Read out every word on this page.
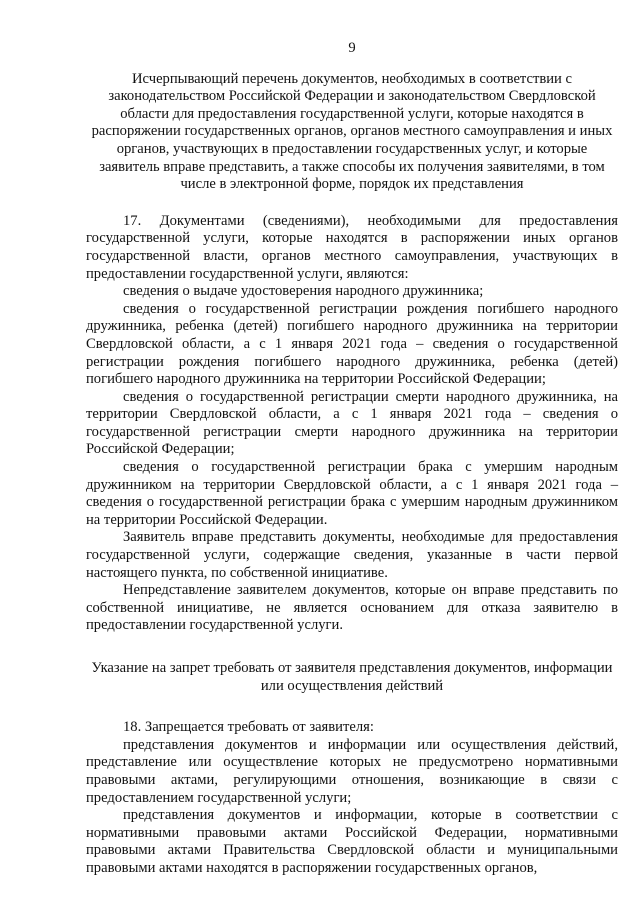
9
Исчерпывающий перечень документов, необходимых в соответствии с законодательством Российской Федерации и законодательством Свердловской области для предоставления государственной услуги, которые находятся в распоряжении государственных органов, органов местного самоуправления и иных органов, участвующих в предоставлении государственных услуг, и которые заявитель вправе представить, а также способы их получения заявителями, в том числе в электронной форме, порядок их представления

17. Документами (сведениями), необходимыми для предоставления государственной услуги, которые находятся в распоряжении иных органов государственной власти, органов местного самоуправления, участвующих в предоставлении государственной услуги, являются:

сведения о выдаче удостоверения народного дружинника;

сведения о государственной регистрации рождения погибшего народного дружинника, ребенка (детей) погибшего народного дружинника на территории Свердловской области, а с 1 января 2021 года – сведения о государственной регистрации рождения погибшего народного дружинника, ребенка (детей) погибшего народного дружинника на территории Российской Федерации;

сведения о государственной регистрации смерти народного дружинника, на территории Свердловской области, а с 1 января 2021 года – сведения о государственной регистрации смерти народного дружинника на территории Российской Федерации;

сведения о государственной регистрации брака с умершим народным дружинником на территории Свердловской области, а с 1 января 2021 года – сведения о государственной регистрации брака с умершим народным дружинником на территории Российской Федерации.

Заявитель вправе представить документы, необходимые для предоставления государственной услуги, содержащие сведения, указанные в части первой настоящего пункта, по собственной инициативе.

Непредставление заявителем документов, которые он вправе представить по собственной инициативе, не является основанием для отказа заявителю в предоставлении государственной услуги.

Указание на запрет требовать от заявителя представления документов, информации или осуществления действий

18. Запрещается требовать от заявителя:

представления документов и информации или осуществления действий, представление или осуществление которых не предусмотрено нормативными правовыми актами, регулирующими отношения, возникающие в связи с предоставлением государственной услуги;

представления документов и информации, которые в соответствии с нормативными правовыми актами Российской Федерации, нормативными правовыми актами Правительства Свердловской области и муниципальными правовыми актами находятся в распоряжении государственных органов,
